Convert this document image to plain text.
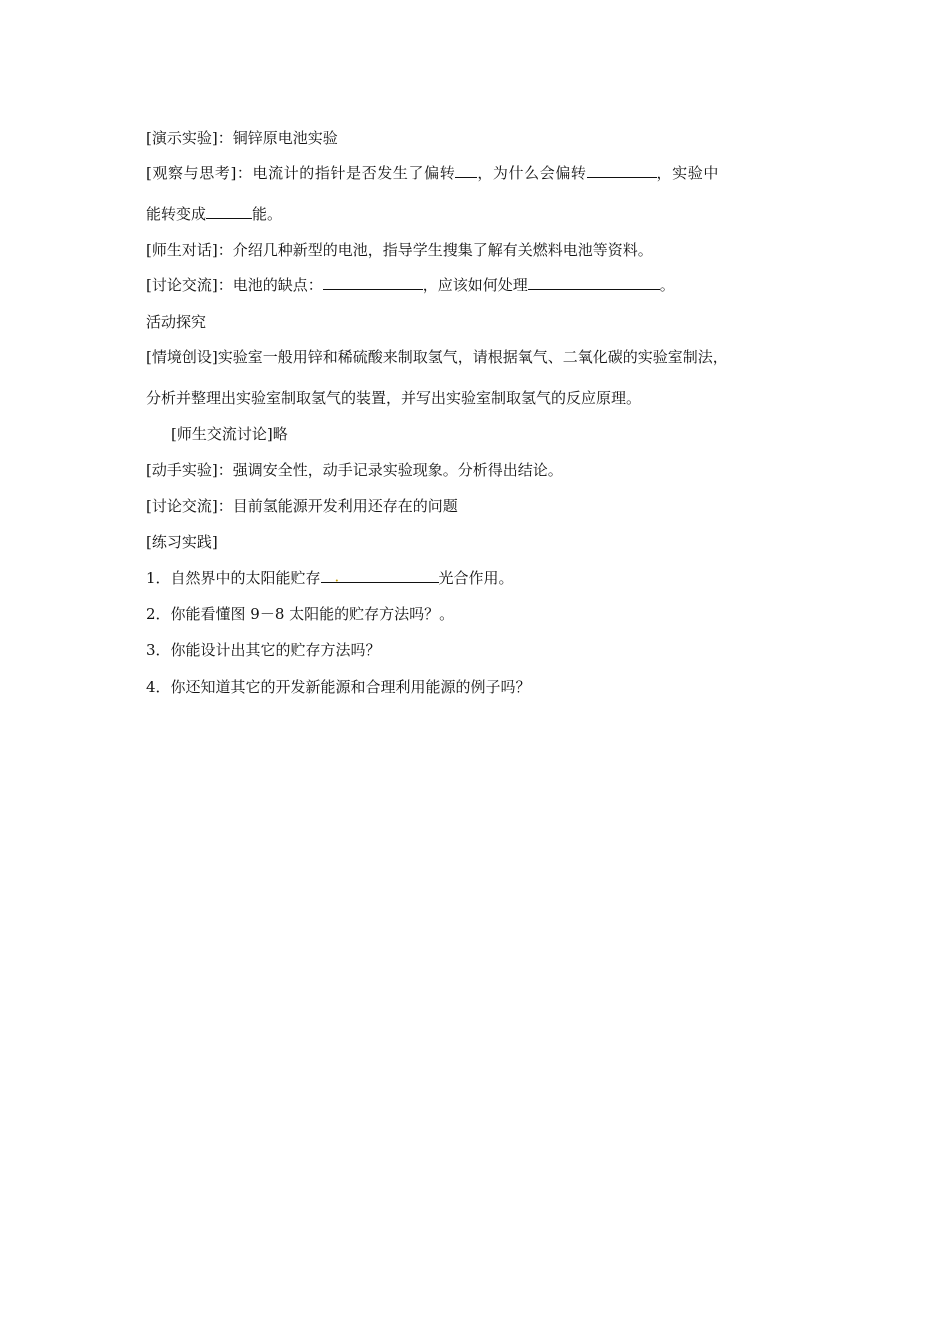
[演示实验]：铜锌原电池实验
[观察与思考]：电流计的指针是否发生了偏转 ，为什么会偏转	，实验中
能转变成	能。
[师生对话]：介绍几种新型的电池，指导学生搜集了解有关燃料电池等资料。
[讨论交流]：电池的缺点：	，应该如何处理	。
活动探究
[情境创设]实验室一般用锌和稀硫酸来制取氢气，请根据氧气、二氧化碳的实验室制法，
分析并整理出实验室制取氢气的装置，并写出实验室制取氢气的反应原理。
[师生交流讨论]略
[动手实验]：强调安全性，动手记录实验现象。分析得出结论。
[讨论交流]：目前氢能源开发利用还存在的问题
[练习实践]
1．自然界中的太阳能贮存 ．	光合作用。
2．你能看懂图 9－8 太阳能的贮存方法吗？。
3．你能设计出其它的贮存方法吗？
4．你还知道其它的开发新能源和合理利用能源的例子吗？
